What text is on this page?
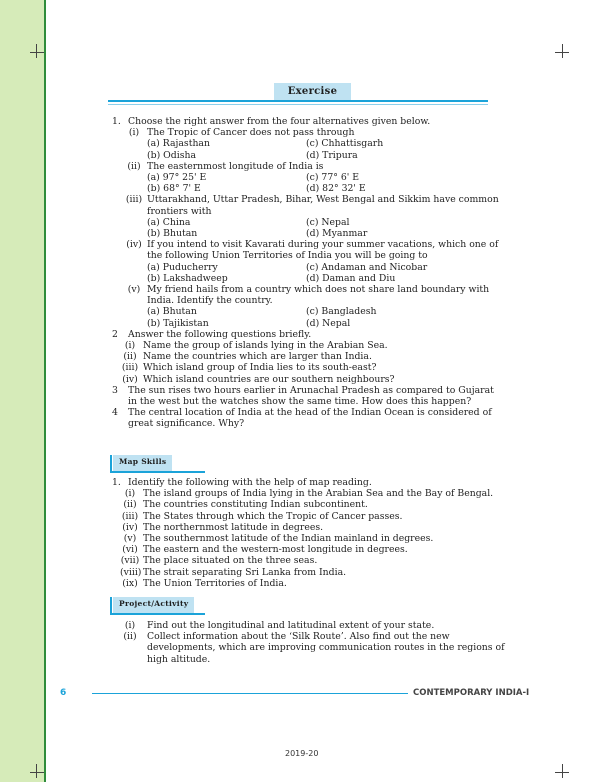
Exercise
Map Skills
Project/Activity
6	CONTEMPORARY INDIA-I
2019-20
1. Choose the right answer from the four alternatives given below.
(i) The Tropic of Cancer does not pass through
(a) Rajasthan	(c) Chhattisgarh
(b) Odisha	(d) Tripura
(ii) The easternmost longitude of India is
(a) 97° 25' E	(c) 77° 6' E
(b) 68° 7' E	(d) 82° 32' E
(iii) Uttarakhand, Uttar Pradesh, Bihar, West Bengal and Sikkim have common
frontiers with
(a) China	(c) Nepal
(b) Bhutan	(d) Myanmar
(iv) If you intend to visit Kavarati during your summer vacations, which one of
the following Union Territories of India you will be going to
(a) Puducherry	(c) Andaman and Nicobar
(b) Lakshadweep	(d) Daman and Diu
(v) My friend hails from a country which does not share land boundary with
India. Identify the country.
(a) Bhutan	(c) Bangladesh
(b) Tajikistan	(d) Nepal
2 Answer the following questions briefly.
(i) Name the group of islands lying in the Arabian Sea.
(ii) Name the countries which are larger than India.
(iii) Which island group of India lies to its south-east?
(iv) Which island countries are our southern neighbours?
3 The sun rises two hours earlier in Arunachal Pradesh as compared to Gujarat
in the west but the watches show the same time. How does this happen?
4 The central location of India at the head of the Indian Ocean is considered of
great significance. Why?
1. Identify the following with the help of map reading.
(i) The island groups of India lying in the Arabian Sea and the Bay of Bengal.
(ii) The countries constituting Indian subcontinent.
(iii) The States through which the Tropic of Cancer passes.
(iv) The northernmost latitude in degrees.
(v) The southernmost latitude of the Indian mainland in degrees.
(vi) The eastern and the western-most longitude in degrees.
(vii) The place situated on the three seas.
(viii) The strait separating Sri Lanka from India.
(ix) The Union Territories of India.
(i)	Find out the longitudinal and latitudinal extent of your state.
(ii)	Collect information about the ‘Silk Route’. Also find out the new
developments, which are improving communication routes in the regions of
high altitude.
